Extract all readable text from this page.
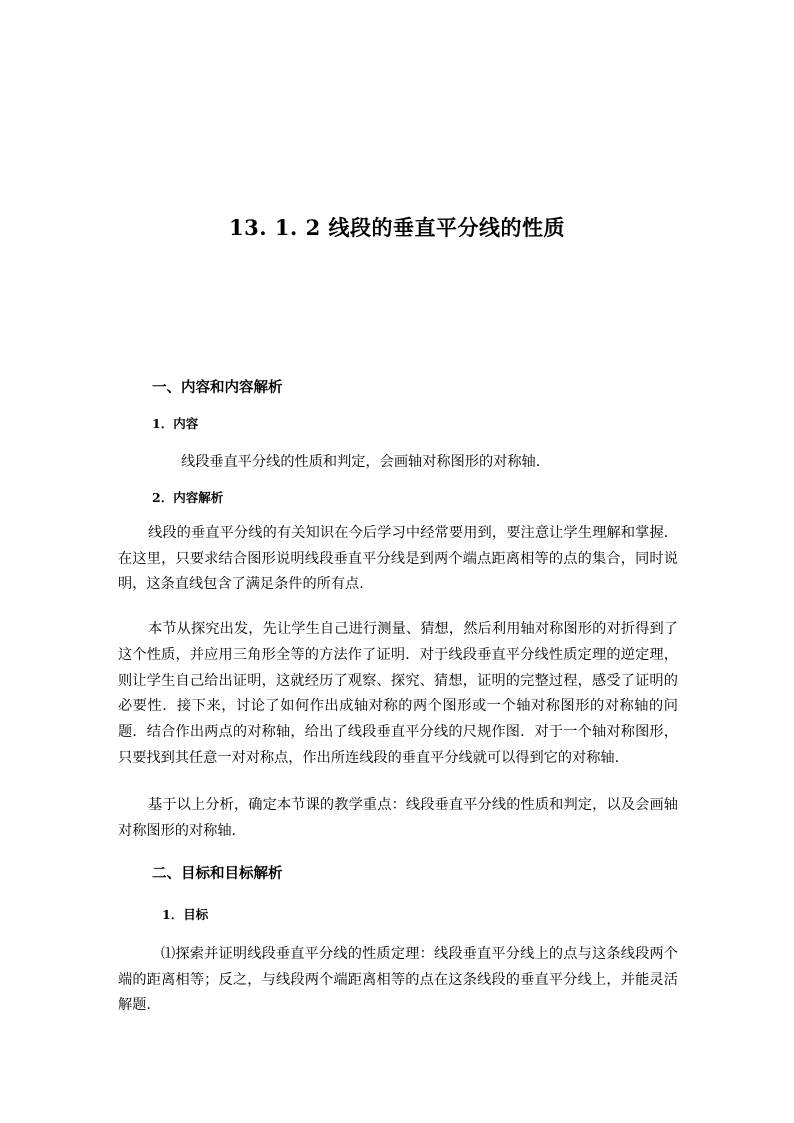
13. 1. 2 线段的垂直平分线的性质
一、内容和内容解析
1．内容
线段垂直平分线的性质和判定，会画轴对称图形的对称轴.
2．内容解析
线段的垂直平分线的有关知识在今后学习中经常要用到，要注意让学生理解和掌握．在这里，只要求结合图形说明线段垂直平分线是到两个端点距离相等的点的集合，同时说明，这条直线包含了满足条件的所有点.
本节从探究出发，先让学生自己进行测量、猜想，然后利用轴对称图形的对折得到了这个性质，并应用三角形全等的方法作了证明．对于线段垂直平分线性质定理的逆定理，则让学生自己给出证明，这就经历了观察、探究、猜想，证明的完整过程，感受了证明的必要性．接下来，讨论了如何作出成轴对称的两个图形或一个轴对称图形的对称轴的问题．结合作出两点的对称轴，给出了线段垂直平分线的尺规作图．对于一个轴对称图形，只要找到其任意一对对称点，作出所连线段的垂直平分线就可以得到它的对称轴.
基于以上分析，确定本节课的教学重点：线段垂直平分线的性质和判定，以及会画轴对称图形的对称轴.
二、目标和目标解析
1．目标
⑴探索并证明线段垂直平分线的性质定理：线段垂直平分线上的点与这条线段两个端的距离相等；反之，与线段两个端距离相等的点在这条线段的垂直平分线上，并能灵活解题.
